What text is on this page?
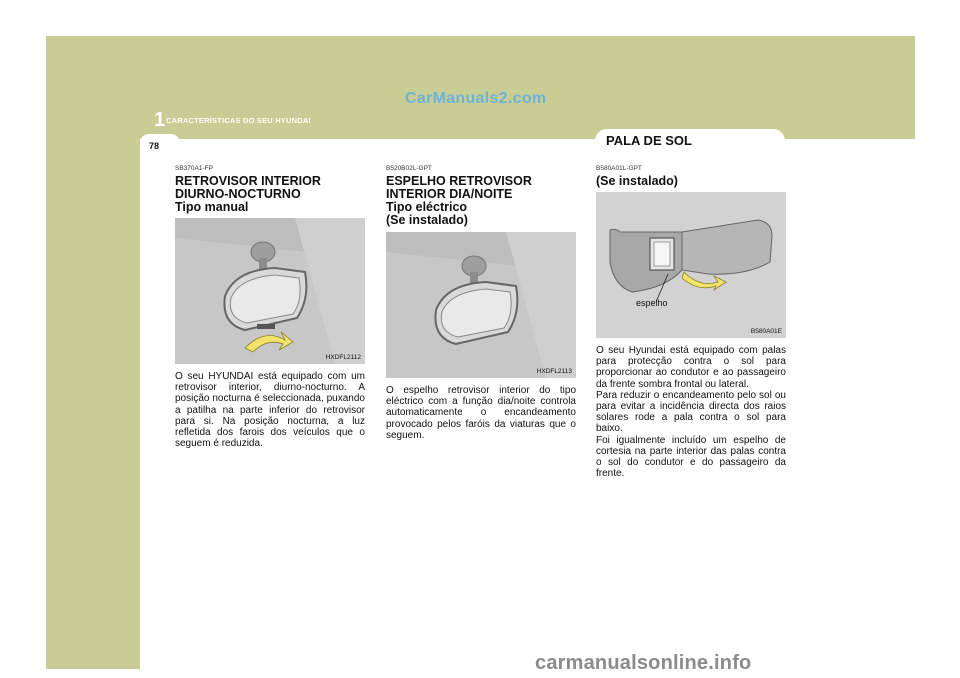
CarManuals2.com
1 CARACTERÍSTICAS DO SEU HYUNDAI
78	PALA DE SOL
SB370A1-FP
RETROVISOR INTERIOR
DIURNO-NOCTURNO
Tipo manual
HXDFL2112
O seu HYUNDAI está equipado com um retrovisor interior, diurno-nocturno. A posição nocturna é seleccionada, puxando a patilha na parte inferior do retrovisor para si. Na posição nocturna, a luz refletida dos farois dos veículos que o seguem é reduzida.
B520B02L-GPT
ESPELHO RETROVISOR
INTERIOR DIA/NOITE
Tipo eléctrico
(Se instalado)
HXDFL2113
O espelho retrovisor interior do tipo eléctrico com a função dia/noite controla automaticamente o encandeamento provocado pelos faróis da viaturas que o seguem.
B580A01L-GPT
(Se instalado)
espelho
B580A01E
O seu Hyundai está equipado com palas para protecção contra o sol para proporcionar ao condutor e ao passageiro da frente sombra frontal ou lateral.
Para reduzir o encandeamento pelo sol ou para evitar a incidência directa dos raios solares rode a pala contra o sol para baixo.
Foi igualmente incluído um espelho de cortesia na parte interior das palas contra o sol do condutor e do passageiro da frente.
carmanualsonline.info
